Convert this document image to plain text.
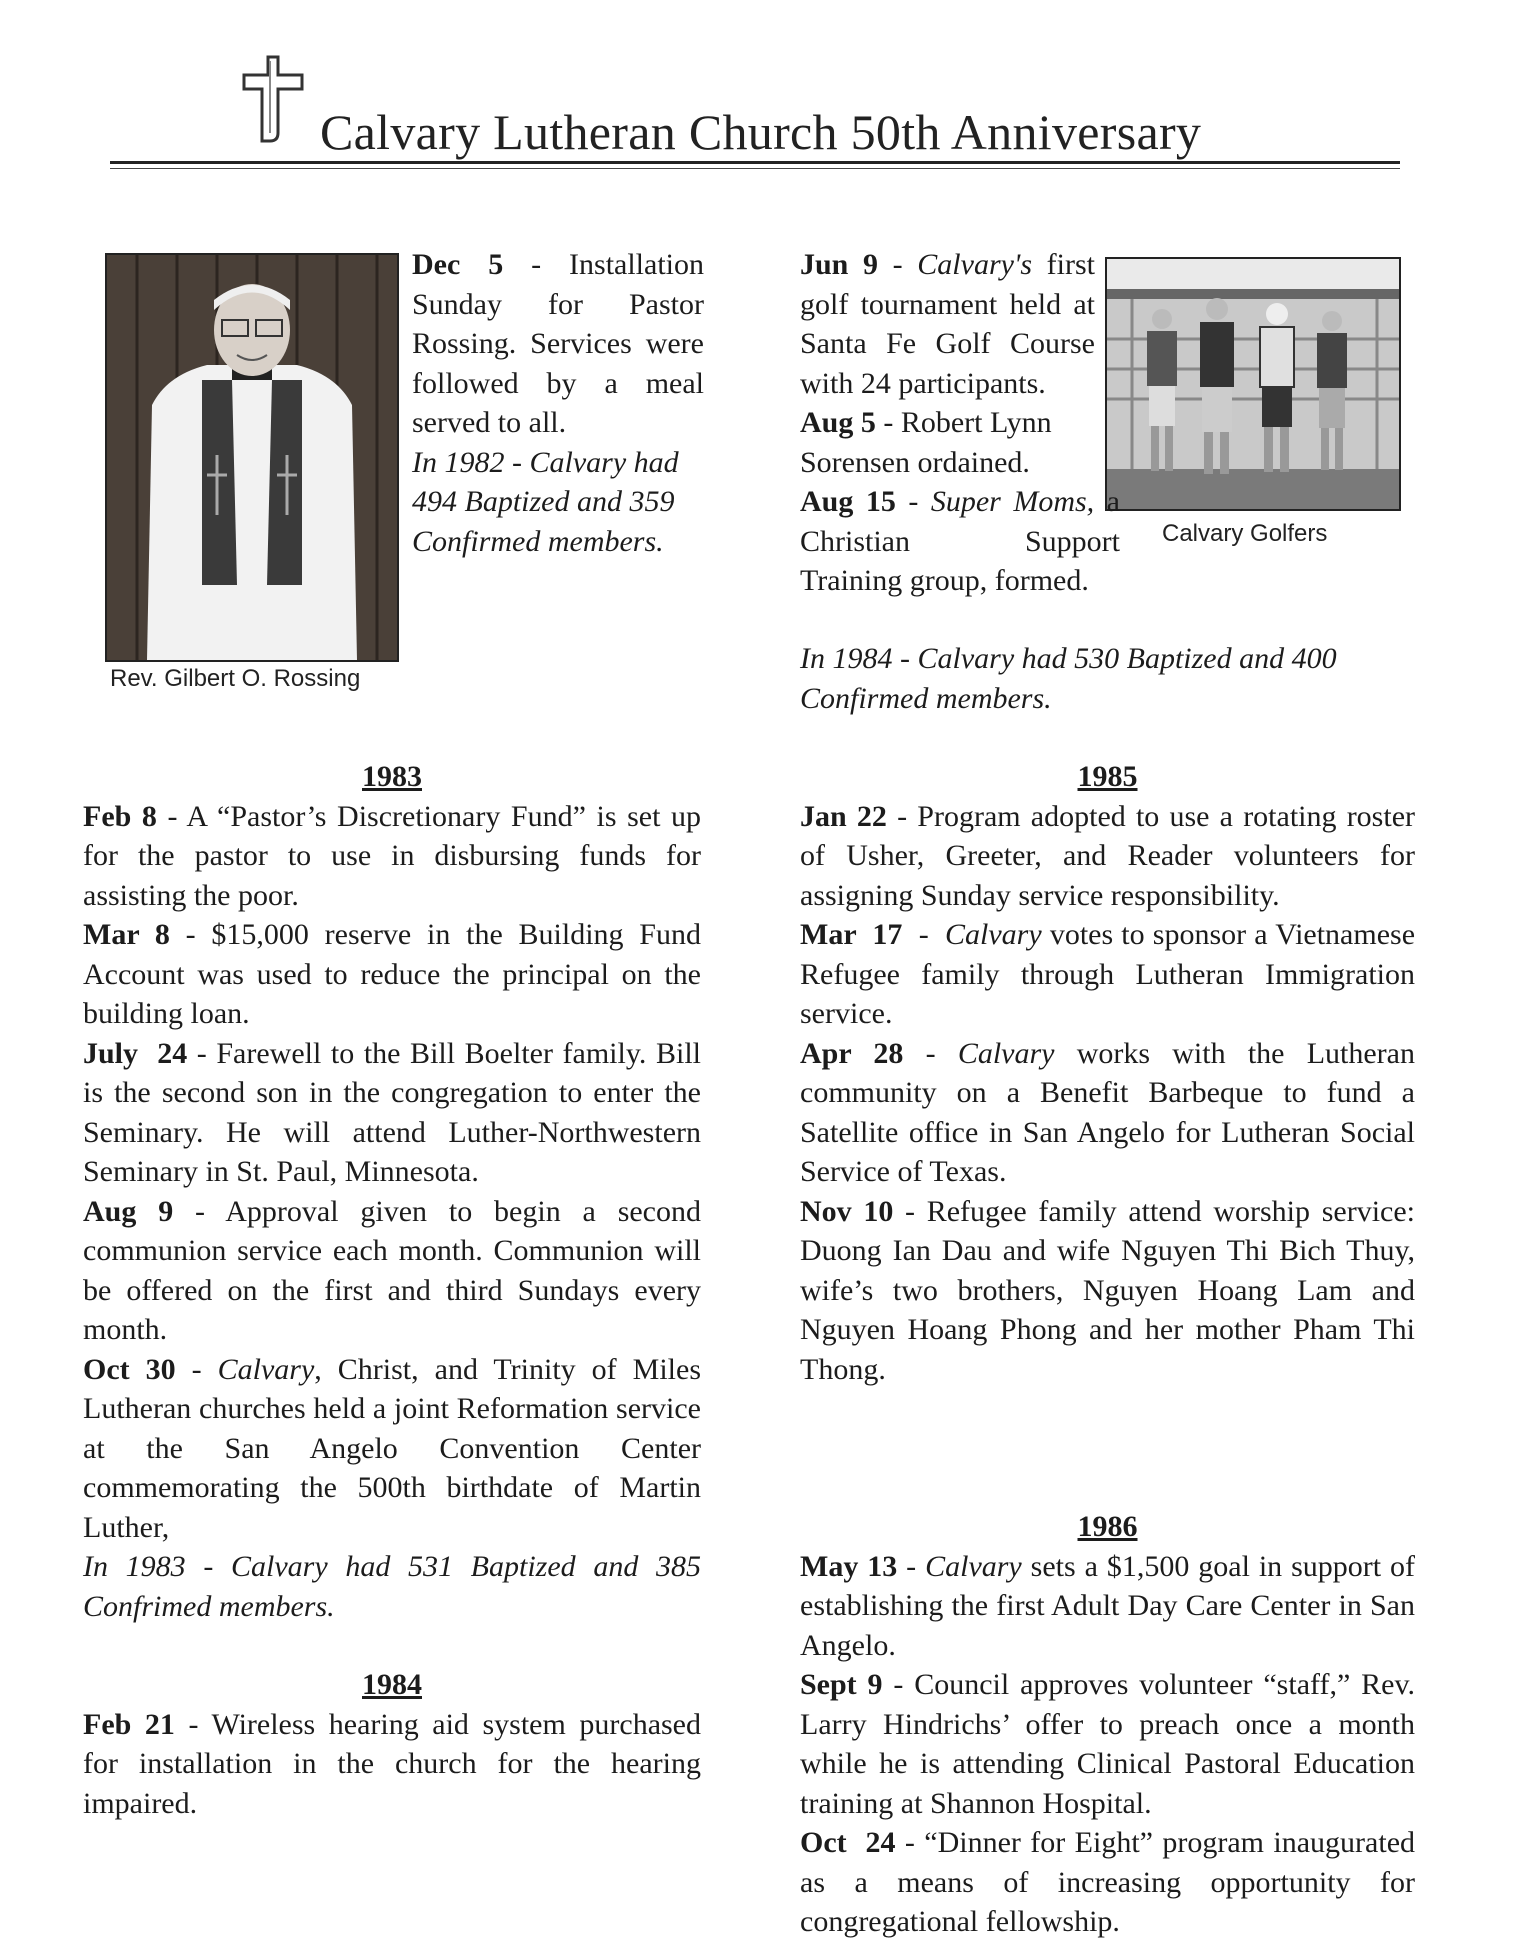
Calvary Lutheran Church 50th Anniversary
Rev. Gilbert O. Rossing

Dec 5 - Installation Sunday for Pastor Rossing. Services were followed by a meal served to all.

In 1982 - Calvary had 494 Baptized and 359 Confirmed members.	Calvary Golfers

Jun 9 - Calvary's first golf tournament held at Santa Fe Golf Course with 24 participants.

Aug 5 - Robert Lynn Sorensen ordained.

Aug 15 - Super Moms, a Christian Support Training group, formed.

In 1984 - Calvary had 530 Baptized and 400 Confirmed members.

1983

Feb 8 - A “Pastor’s Discretionary Fund” is set up for the pastor to use in disbursing funds for assisting the poor.

Mar 8 - $15,000 reserve in the Building Fund Account was used to reduce the principal on the building loan.

July  24 - Farewell to the Bill Boelter family. Bill is the second son in the congregation to enter the Seminary. He will attend Luther-Northwestern Seminary in St. Paul, Minnesota.

Aug 9 - Approval given to begin a second communion service each month. Communion will be offered on the first and third Sundays every month.

Oct 30 - Calvary, Christ, and Trinity of Miles Lutheran churches held a joint Reformation service at the San Angelo Convention Center commemorating the 500th birthdate of Martin Luther,

In 1983 - Calvary had 531 Baptized and 385 Confrimed members.

1984

Feb 21 - Wireless hearing aid system purchased for installation in the church for the hearing impaired.

1985

Jan 22 - Program adopted to use a rotating roster of Usher, Greeter, and Reader volunteers for assigning Sunday service responsibility.

Mar  17  -  Calvary votes to sponsor a Vietnamese Refugee family through Lutheran Immigration service.

Apr 28 - Calvary works with the Lutheran community on a Benefit Barbeque to fund a Satellite office in San Angelo for Lutheran Social Service of Texas.

Nov 10 - Refugee family attend worship service: Duong Ian Dau and wife Nguyen Thi Bich Thuy, wife’s two brothers, Nguyen Hoang Lam and Nguyen Hoang Phong and her mother Pham Thi Thong.

1986

May 13 - Calvary sets a $1,500 goal in support of establishing the first Adult Day Care Center in San Angelo.

Sept 9 - Council approves volunteer “staff,” Rev. Larry Hindrichs’ offer to preach once a month while he is attending Clinical Pastoral Education training at Shannon Hospital.

Oct  24 - “Dinner for Eight” program inaugurated as a means of increasing opportunity for congregational fellowship.
